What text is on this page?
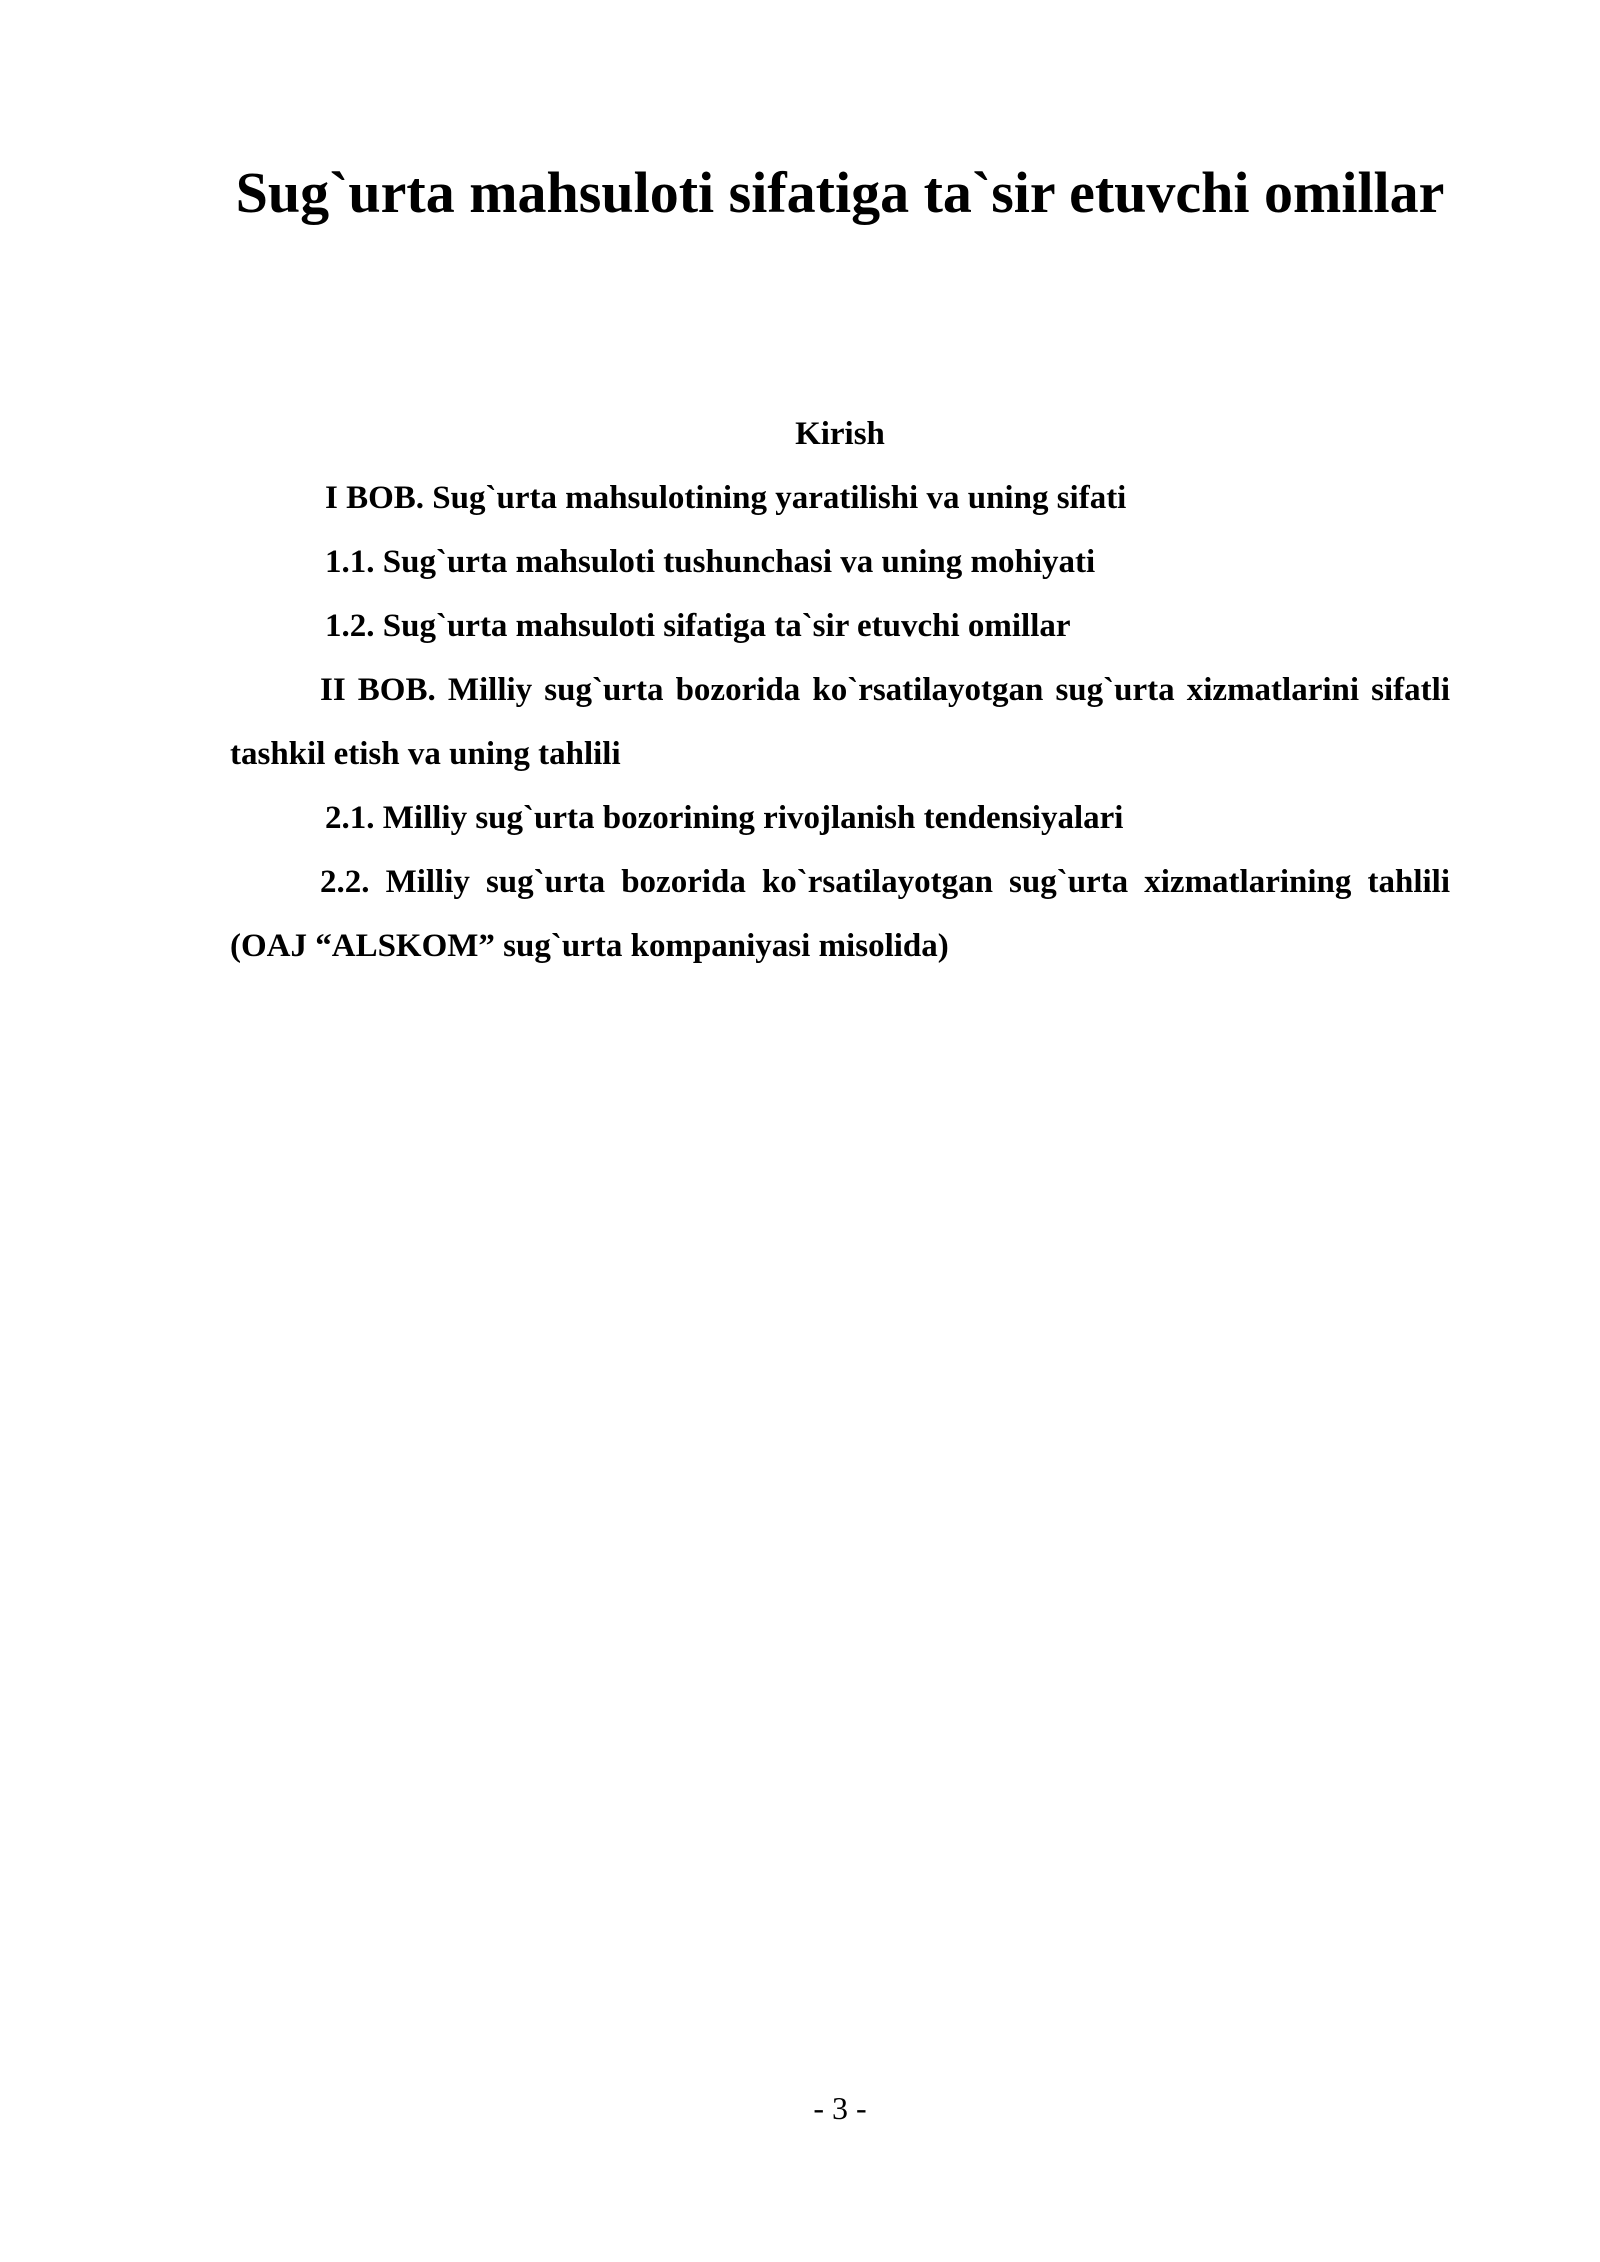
Sug`urta mahsuloti sifatiga ta`sir etuvchi omillar

Kirish

I BOB. Sug`urta mahsulotining yaratilishi va uning sifati

1.1. Sug`urta mahsuloti tushunchasi va uning mohiyati

1.2. Sug`urta mahsuloti sifatiga ta`sir etuvchi omillar

II BOB. Milliy sug`urta bozorida ko`rsatilayotgan sug`urta xizmatlarini sifatli tashkil etish va uning tahlili

2.1. Milliy sug`urta bozorining rivojlanish tendensiyalari

2.2. Milliy sug`urta bozorida ko`rsatilayotgan sug`urta xizmatlarining tahlili (OAJ “ALSKOM” sug`urta kompaniyasi misolida)

- 3 -
